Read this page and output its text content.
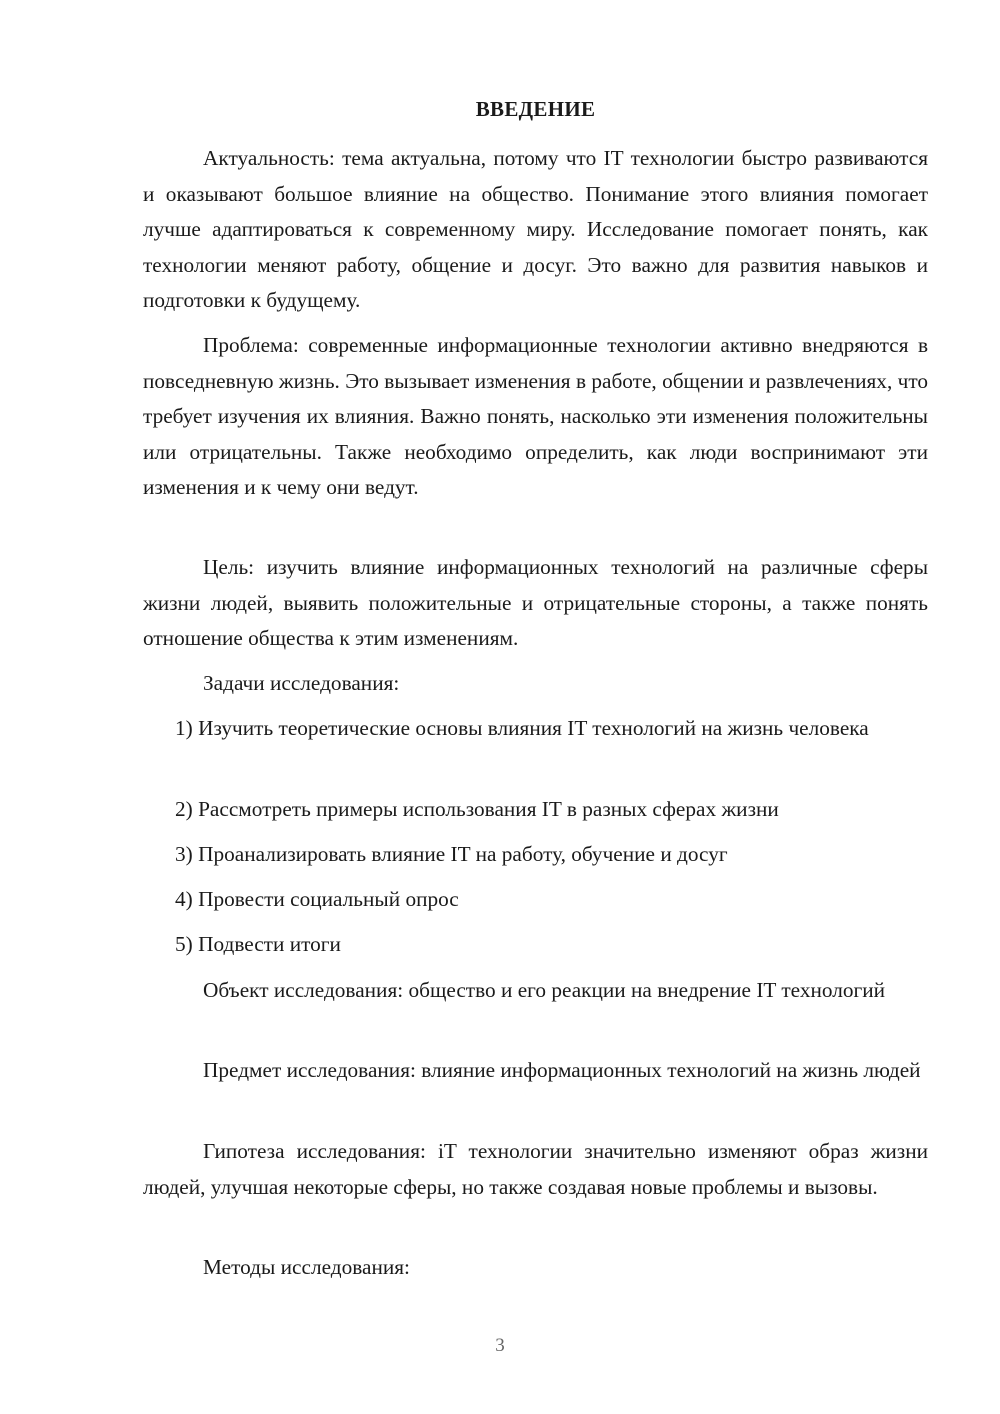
ВВЕДЕНИЕ

Актуальность: тема актуальна, потому что IT технологии быстро развиваются и оказывают большое влияние на общество. Понимание этого влияния помогает лучше адаптироваться к современному миру. Исследование помогает понять, как технологии меняют работу, общение и досуг. Это важно для развития навыков и подготовки к будущему.

Проблема: современные информационные технологии активно внедряются в повседневную жизнь. Это вызывает изменения в работе, общении и развлечениях, что требует изучения их влияния. Важно понять, насколько эти изменения положительны или отрицательны. Также необходимо определить, как люди воспринимают эти изменения и к чему они ведут.

Цель: изучить влияние информационных технологий на различные сферы жизни людей, выявить положительные и отрицательные стороны, а также понять отношение общества к этим изменениям.

Задачи исследования:

1) Изучить теоретические основы влияния IT технологий на жизнь человека

2) Рассмотреть примеры использования IT в разных сферах жизни

3) Проанализировать влияние IT на работу, обучение и досуг

4) Провести социальный опрос

5) Подвести итоги

Объект исследования: общество и его реакции на внедрение IT технологий

Предмет исследования: влияние информационных технологий на жизнь людей

Гипотеза исследования: iT технологии значительно изменяют образ жизни людей, улучшая некоторые сферы, но также создавая новые проблемы и вызовы.

Методы исследования:

3
